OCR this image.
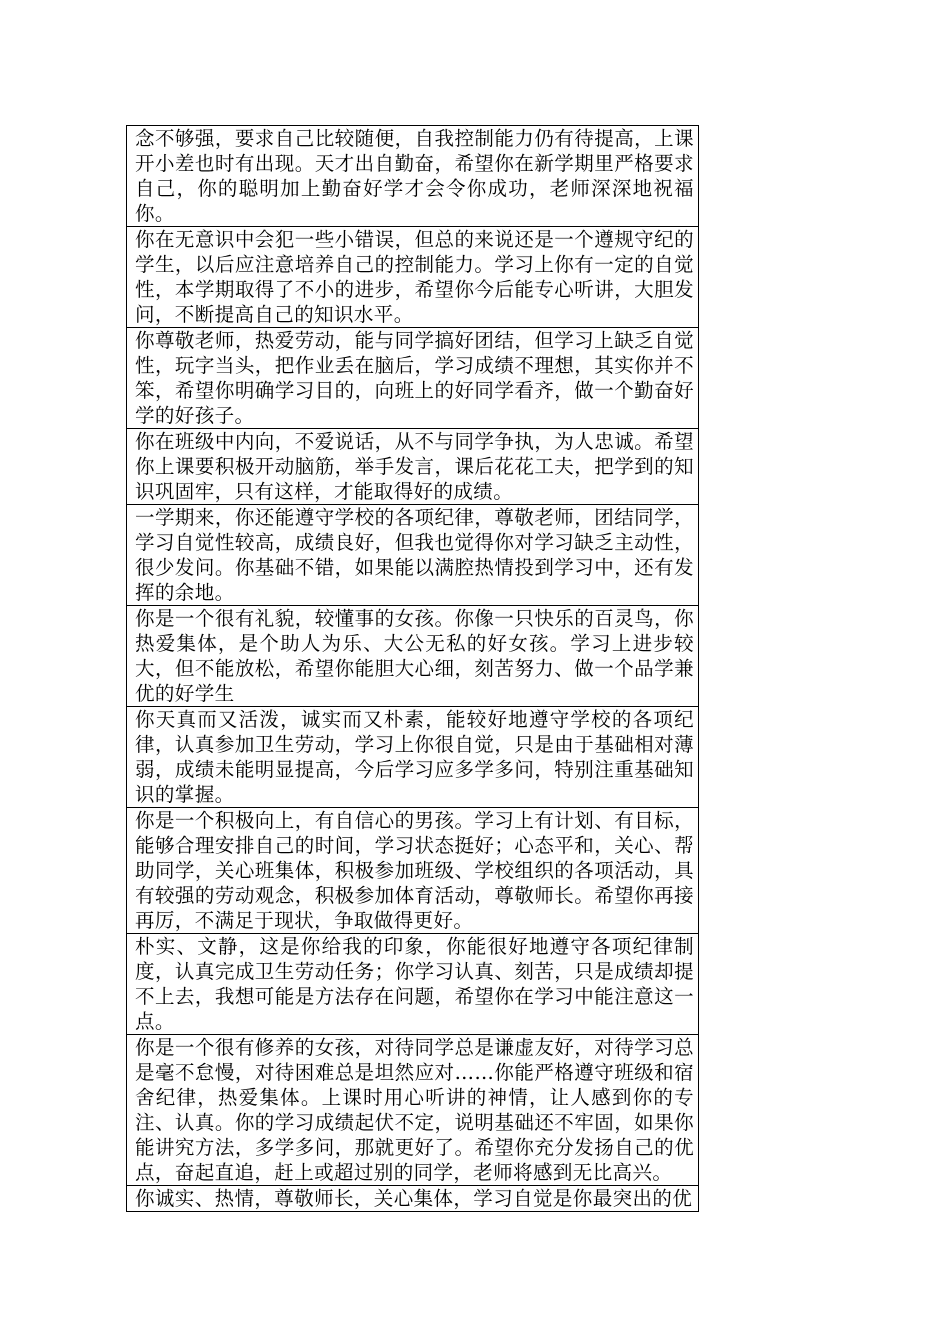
念不够强，要求自己比较随便，自我控制能力仍有待提高，上课开小差也时有出现。天才出自勤奋，希望你在新学期里严格要求自己，你的聪明加上勤奋好学才会令你成功，老师深深地祝福你。

你在无意识中会犯一些小错误，但总的来说还是一个遵规守纪的学生，以后应注意培养自己的控制能力。学习上你有一定的自觉性，本学期取得了不小的进步，希望你今后能专心听讲，大胆发问，不断提高自己的知识水平。

你尊敬老师，热爱劳动，能与同学搞好团结，但学习上缺乏自觉性，玩字当头，把作业丢在脑后，学习成绩不理想，其实你并不笨，希望你明确学习目的，向班上的好同学看齐，做一个勤奋好学的好孩子。

你在班级中内向，不爱说话，从不与同学争执，为人忠诚。希望你上课要积极开动脑筋，举手发言，课后花花工夫，把学到的知识巩固牢，只有这样，才能取得好的成绩。

一学期来，你还能遵守学校的各项纪律，尊敬老师，团结同学，学习自觉性较高，成绩良好，但我也觉得你对学习缺乏主动性，很少发问。你基础不错，如果能以满腔热情投到学习中，还有发挥的余地。

你是一个很有礼貌，较懂事的女孩。你像一只快乐的百灵鸟，你热爱集体，是个助人为乐、大公无私的好女孩。学习上进步较大，但不能放松，希望你能胆大心细，刻苦努力、做一个品学兼优的好学生

你天真而又活泼，诚实而又朴素，能较好地遵守学校的各项纪律，认真参加卫生劳动，学习上你很自觉，只是由于基础相对薄弱，成绩未能明显提高，今后学习应多学多问，特别注重基础知识的掌握。

你是一个积极向上，有自信心的男孩。学习上有计划、有目标，能够合理安排自己的时间，学习状态挺好；心态平和，关心、帮助同学，关心班集体，积极参加班级、学校组织的各项活动，具有较强的劳动观念，积极参加体育活动，尊敬师长。希望你再接再厉，不满足于现状，争取做得更好。

朴实、文静，这是你给我的印象，你能很好地遵守各项纪律制度，认真完成卫生劳动任务；你学习认真、刻苦，只是成绩却提不上去，我想可能是方法存在问题，希望你在学习中能注意这一点。

你是一个很有修养的女孩，对待同学总是谦虚友好，对待学习总是毫不怠慢，对待困难总是坦然应对……你能严格遵守班级和宿舍纪律，热爱集体。上课时用心听讲的神情，让人感到你的专注、认真。你的学习成绩起伏不定，说明基础还不牢固，如果你能讲究方法，多学多问，那就更好了。希望你充分发扬自己的优点，奋起直追，赶上或超过别的同学，老师将感到无比高兴。

你诚实、热情，尊敬师长，关心集体，学习自觉是你最突出的优
